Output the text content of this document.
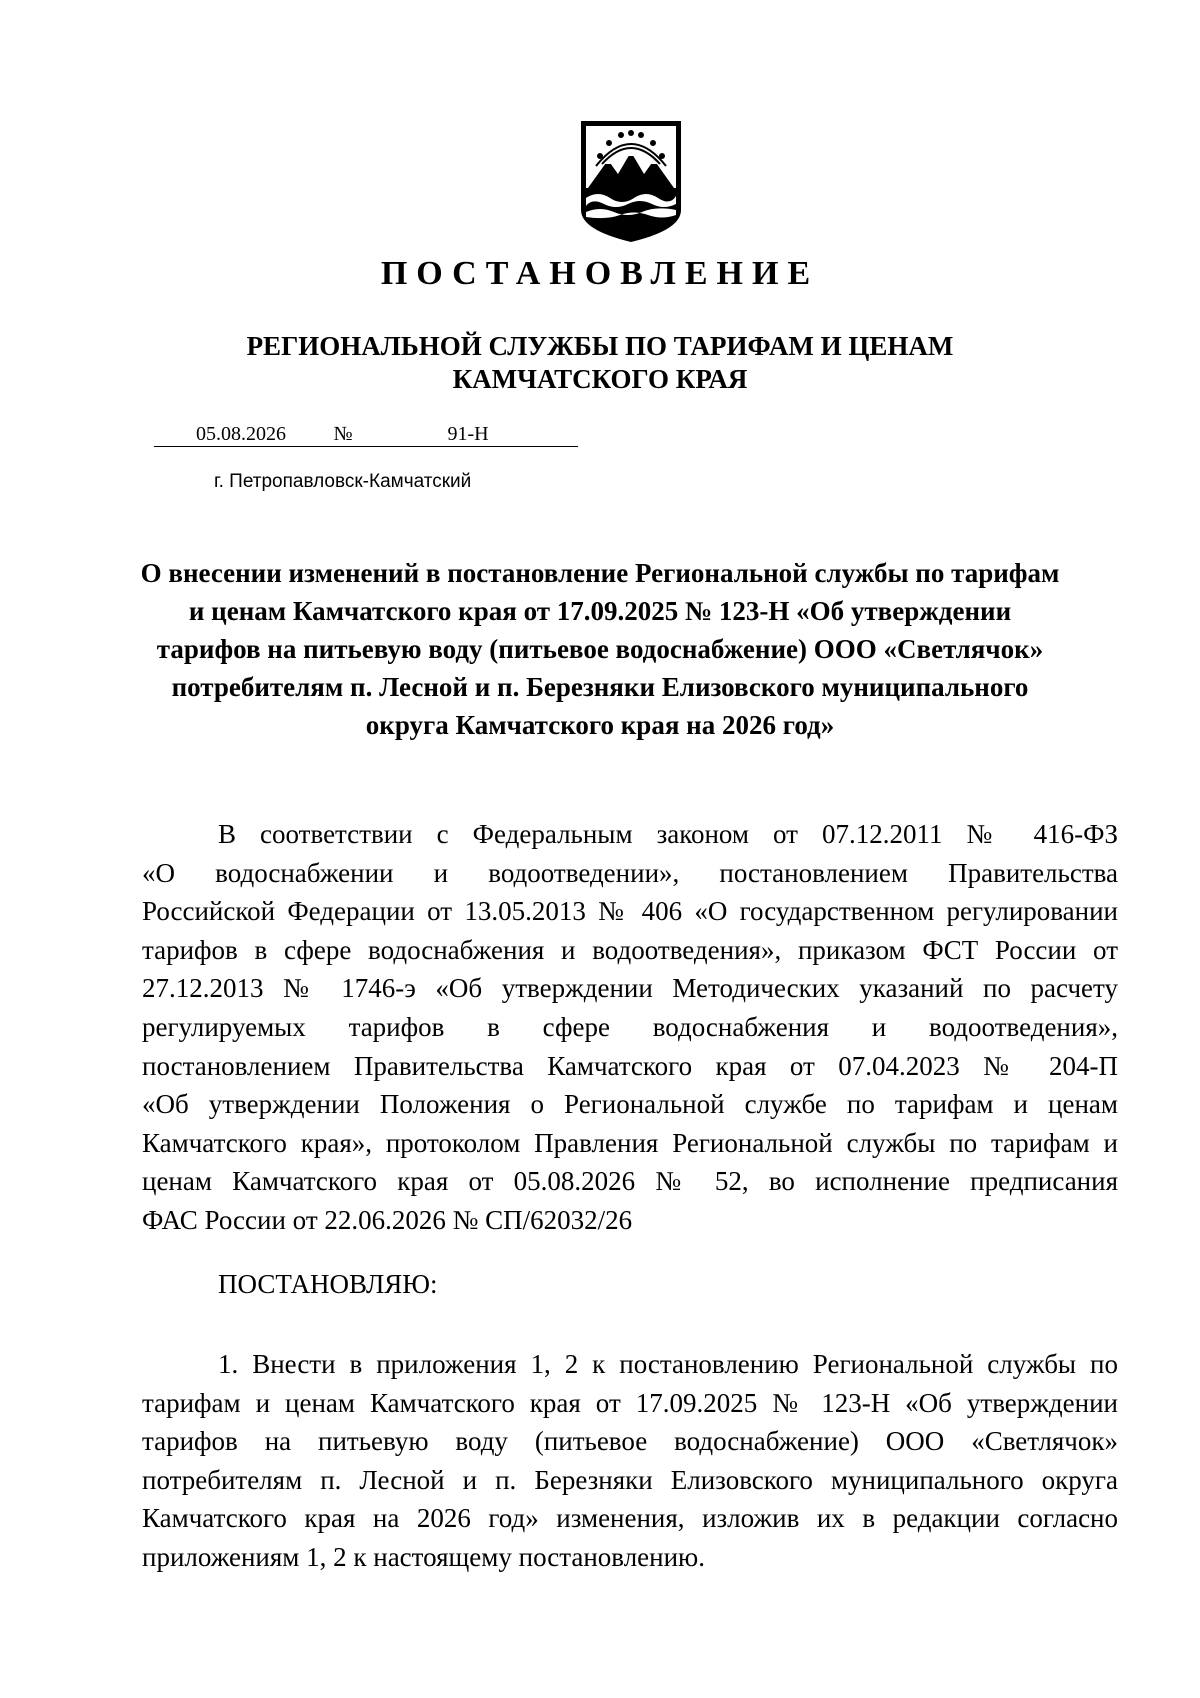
ПОСТАНОВЛЕНИЕ
РЕГИОНАЛЬНОЙ СЛУЖБЫ ПО ТАРИФАМ И ЦЕНАМ
КАМЧАТСКОГО КРАЯ
05.08.2026	№	91-Н
г. Петропавловск-Камчатский
О внесении изменений в постановление Региональной службы по тарифам
и ценам Камчатского края от 17.09.2025 № 123-Н «Об утверждении
тарифов на питьевую воду (питьевое водоснабжение) ООО «Светлячок»
потребителям п. Лесной и п. Березняки Елизовского муниципального
округа Камчатского края на 2026 год»
В соответствии с Федеральным законом от 07.12.2011 № 416-ФЗ
«О водоснабжении и водоотведении», постановлением Правительства
Российской Федерации от 13.05.2013 № 406 «О государственном регулировании
тарифов в сфере водоснабжения и водоотведения», приказом ФСТ России от
27.12.2013 № 1746-э «Об утверждении Методических указаний по расчету
регулируемых тарифов в сфере водоснабжения и водоотведения»,
постановлением Правительства Камчатского края от 07.04.2023 № 204-П
«Об утверждении Положения о Региональной службе по тарифам и ценам
Камчатского края», протоколом Правления Региональной службы по тарифам и
ценам Камчатского края от 05.08.2026 № 52, во исполнение предписания
ФАС России от 22.06.2026 № СП/62032/26
ПОСТАНОВЛЯЮ:
1. Внести в приложения 1, 2 к постановлению Региональной службы по
тарифам и ценам Камчатского края от 17.09.2025 № 123-Н «Об утверждении
тарифов на питьевую воду (питьевое водоснабжение) ООО «Светлячок»
потребителям п. Лесной и п. Березняки Елизовского муниципального округа
Камчатского края на 2026 год» изменения, изложив их в редакции согласно
приложениям 1, 2 к настоящему постановлению.
